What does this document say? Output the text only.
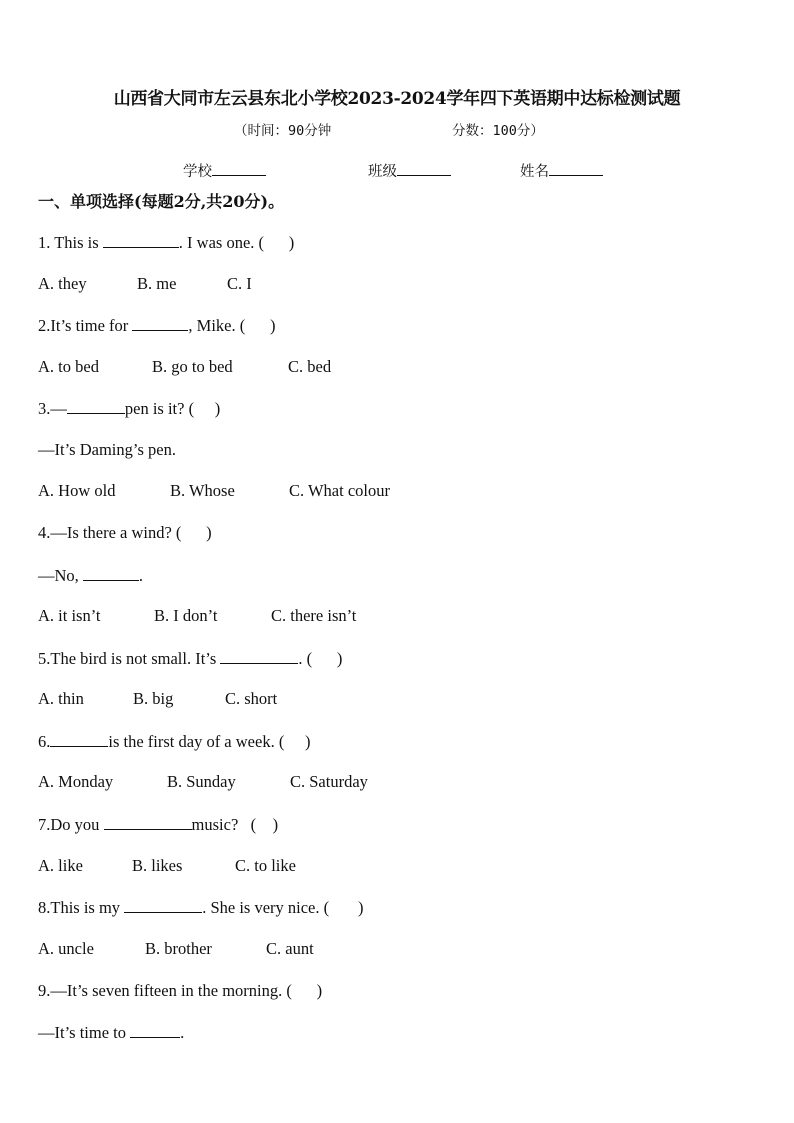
山西省大同市左云县东北小学校2023-2024学年四下英语期中达标检测试题
（时间：90分钟	分数：100分）
学校	班级	姓名
一、单项选择(每题2分,共20分)。
1. This is	. I was one. (      )
A. they	B. me	C. I
2.It’s time for	, Mike. (      )
A. to bed	B. go to bed	C. bed
3.—	pen is it? (     )
—It’s Daming’s pen.
A. How old	B. Whose	C. What colour
4.—Is there a wind? (      )
—No,	.
A. it isn’t	B. I don’t	C. there isn’t
5.The bird is not small. It’s	. (      )
A. thin	B. big	C. short
6.	is the first day of a week. (     )
A. Monday	B. Sunday	C. Saturday
7.Do you	music?   (    )
A. like	B. likes	C. to like
8.This is my	. She is very nice. (       )
A. uncle	B. brother	C. aunt
9.—It’s seven fifteen in the morning. (      )
—It’s time to	.
